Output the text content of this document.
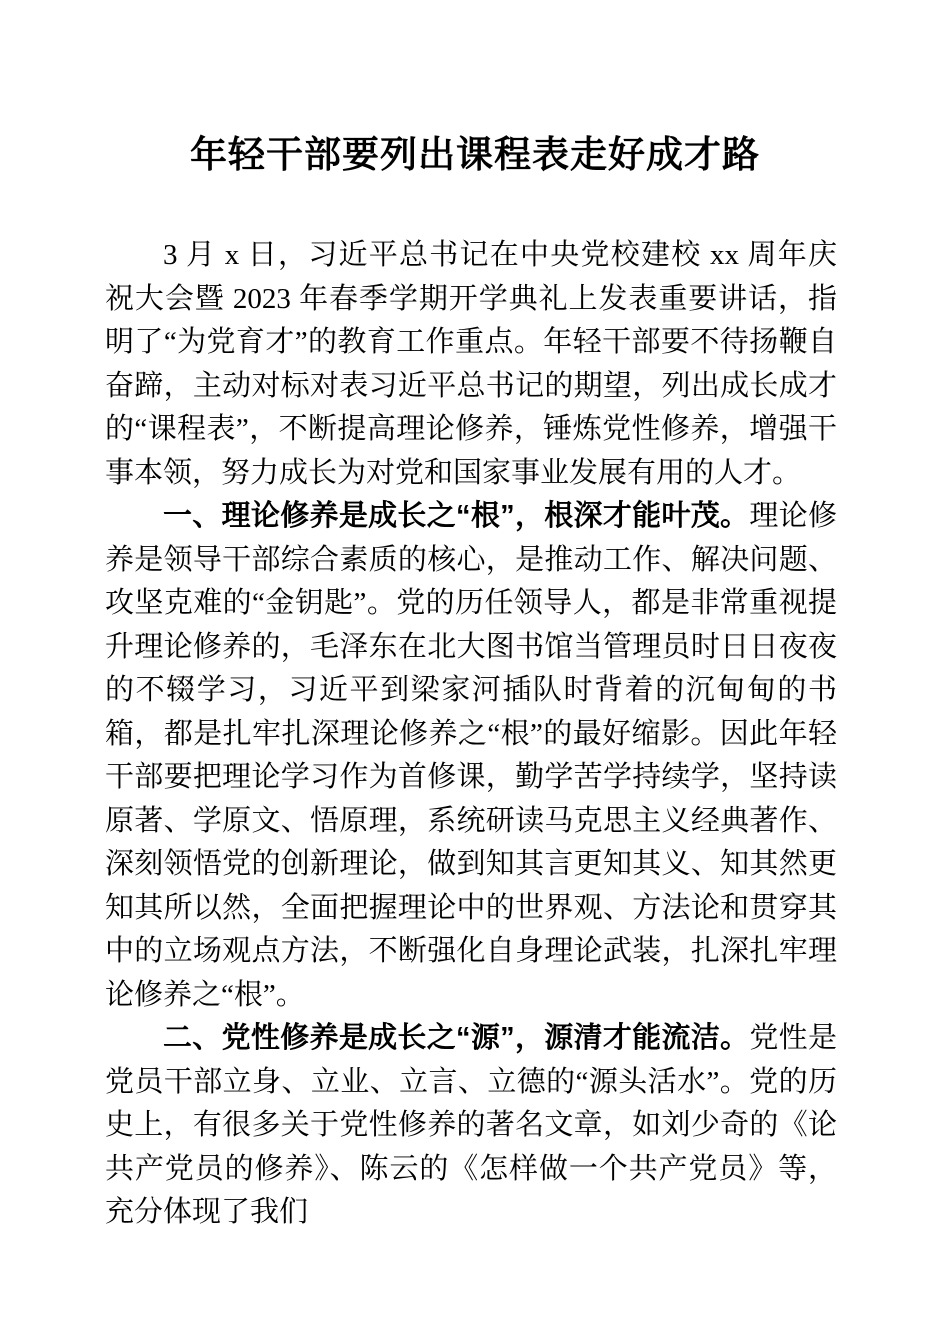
年轻干部要列出课程表走好成才路

3 月 x 日，习近平总书记在中央党校建校 xx 周年庆祝大会暨 2023 年春季学期开学典礼上发表重要讲话，指明了“为党育才”的教育工作重点。年轻干部要不待扬鞭自奋蹄，主动对标对表习近平总书记的期望，列出成长成才的“课程表”，不断提高理论修养，锤炼党性修养，增强干事本领，努力成长为对党和国家事业发展有用的人才。

一、理论修养是成长之“根”，根深才能叶茂。理论修养是领导干部综合素质的核心，是推动工作、解决问题、攻坚克难的“金钥匙”。党的历任领导人，都是非常重视提升理论修养的，毛泽东在北大图书馆当管理员时日日夜夜的不辍学习，习近平到梁家河插队时背着的沉甸甸的书箱，都是扎牢扎深理论修养之“根”的最好缩影。因此年轻干部要把理论学习作为首修课，勤学苦学持续学，坚持读原著、学原文、悟原理，系统研读马克思主义经典著作、深刻领悟党的创新理论，做到知其言更知其义、知其然更知其所以然，全面把握理论中的世界观、方法论和贯穿其中的立场观点方法，不断强化自身理论武装，扎深扎牢理论修养之“根”。

二、党性修养是成长之“源”，源清才能流洁。党性是党员干部立身、立业、立言、立德的“源头活水”。党的历史上，有很多关于党性修养的著名文章，如刘少奇的《论共产党员的修养》、陈云的《怎样做一个共产党员》等，充分体现了我们
